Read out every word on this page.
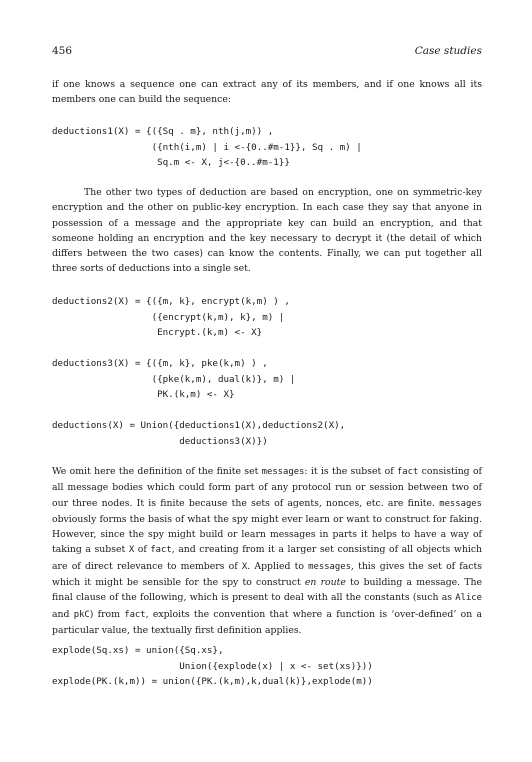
456	Case studies

if one knows a sequence one can extract any of its members, and if one knows all its members one can build the sequence:

deductions1(X) = {({Sq . m}, nth(j,m)) ,
({nth(i,m) | i <-{0..#m-1}}, Sq . m) |
Sq.m <- X, j<-{0..#m-1}}

The other two types of deduction are based on encryption, one on symmetric-key encryption and the other on public-key encryption. In each case they say that anyone in possession of a message and the appropriate key can build an encryption, and that someone holding an encryption and the key necessary to decrypt it (the detail of which differs between the two cases) can know the contents. Finally, we can put together all three sorts of deductions into a single set.

deductions2(X) = {({m, k}, encrypt(k,m) ) ,
({encrypt(k,m), k}, m) |
Encrypt.(k,m) <- X}
deductions3(X) = {({m, k}, pke(k,m) ) ,
({pke(k,m), dual(k)}, m) |
PK.(k,m) <- X}
deductions(X) = Union({deductions1(X),deductions2(X),
deductions3(X)})

We omit here the definition of the finite set messages: it is the subset of fact consisting of all message bodies which could form part of any protocol run or session between two of our three nodes. It is finite because the sets of agents, nonces, etc. are finite. messages obviously forms the basis of what the spy might ever learn or want to construct for faking. However, since the spy might build or learn messages in parts it helps to have a way of taking a subset X of fact, and creating from it a larger set consisting of all objects which are of direct relevance to members of X. Applied to messages, this gives the set of facts which it might be sensible for the spy to construct en route to building a message. The final clause of the following, which is present to deal with all the constants (such as Alice and pkC) from fact, exploits the convention that where a function is ‘over-defined’ on a particular value, the textually first definition applies.

explode(Sq.xs) = union({Sq.xs},
Union({explode(x) | x <- set(xs)}))
explode(PK.(k,m)) = union({PK.(k,m),k,dual(k)},explode(m))
